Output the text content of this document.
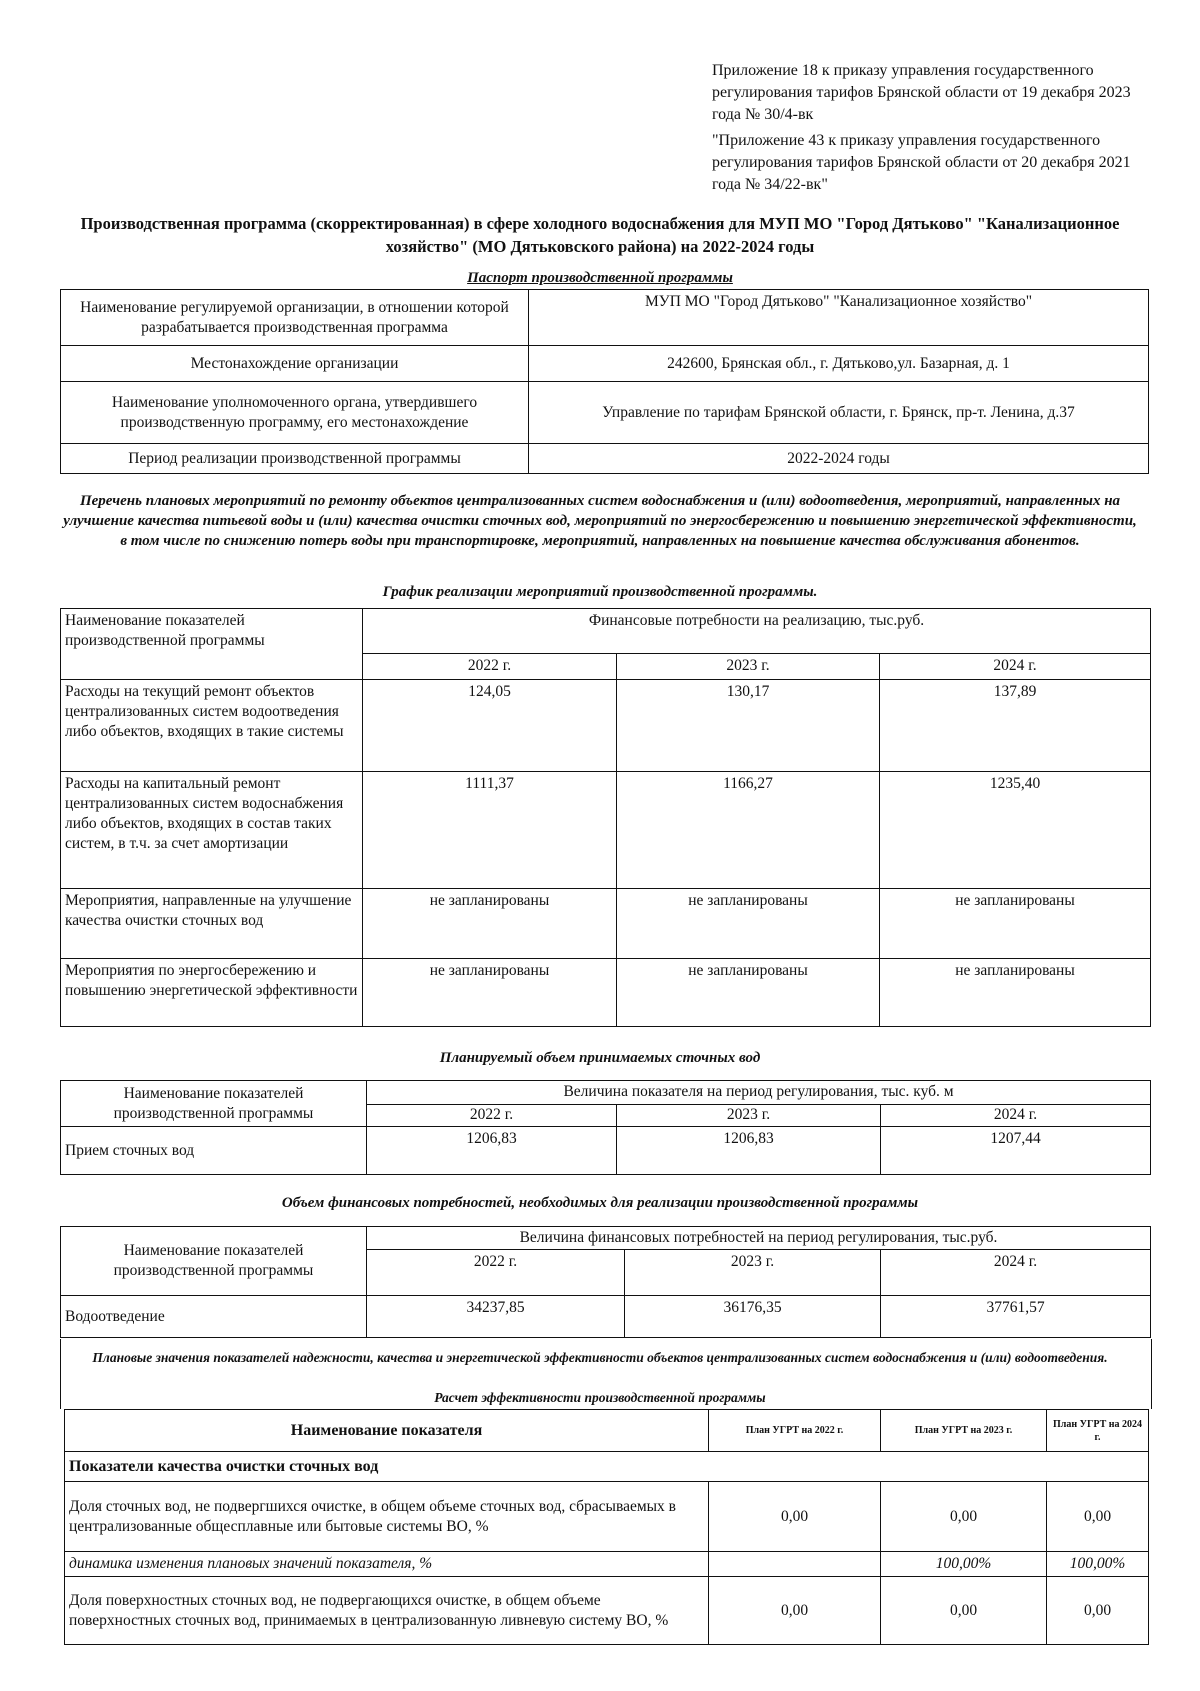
Приложение 18 к приказу управления государственного регулирования тарифов Брянской области от 19 декабря 2023 года № 30/4-вк

"Приложение 43 к приказу управления государственного регулирования тарифов Брянской области от 20 декабря 2021 года № 34/22-вк"

Производственная программа (скорректированная) в сфере холодного водоснабжения для МУП МО "Город Дятьково" "Канализационное хозяйство" (МО Дятьковского района) на 2022-2024 годы
Паспорт производственной программы
Наименование регулируемой организации, в отношении которой разрабатывается производственная программа	МУП МО "Город Дятьково" "Канализационное хозяйство"
Местонахождение организации	242600, Брянская обл., г. Дятьково,ул. Базарная, д. 1
Наименование уполномоченного органа, утвердившего производственную программу, его местонахождение	Управление по тарифам Брянской области, г. Брянск, пр-т. Ленина, д.37
Период реализации производственной программы	2022-2024 годы
Перечень плановых мероприятий по ремонту объектов централизованных систем водоснабжения и (или) водоотведения, мероприятий, направленных на улучшение качества питьевой воды и (или) качества очистки сточных вод, мероприятий по энергосбережению и повышению энергетической эффективности, в том числе по снижению потерь воды при транспортировке, мероприятий, направленных на повышение качества обслуживания абонентов.
График реализации мероприятий производственной программы.
Наименование показателей производственной программы	Финансовые потребности на реализацию, тыс.руб.		
	2022 г.	2023 г.	2024 г.
Расходы на текущий ремонт объектов централизованных систем водоотведения либо объектов, входящих в такие системы	124,05	130,17	137,89
Расходы на капитальный ремонт централизованных систем водоснабжения либо объектов, входящих в состав таких систем, в т.ч. за счет амортизации	1111,37	1166,27	1235,40
Мероприятия, направленные на улучшение качества очистки сточных вод	не запланированы	не запланированы	не запланированы
Мероприятия по энергосбережению и повышению энергетической эффективности	не запланированы	не запланированы	не запланированы
Планируемый объем принимаемых сточных вод
Наименование показателей производственной программы	Величина показателя на период регулирования, тыс. куб. м		
	2022 г.	2023 г.	2024 г.
Прием сточных вод	1206,83	1206,83	1207,44
Объем финансовых потребностей, необходимых для реализации производственной программы
Наименование показателей производственной программы	Величина финансовых потребностей на период регулирования, тыс.руб.		
	2022 г.	2023 г.	2024 г.
Водоотведение	34237,85	36176,35	37761,57
Плановые значения показателей надежности, качества и энергетической эффективности объектов централизованных систем водоснабжения и (или) водоотведения.
Расчет эффективности производственной программы
Наименование показателя	План УГРТ на 2022 г.	План УГРТ на 2023 г.	План УГРТ на 2024 г.
Показатели качества очистки сточных вод			
Доля сточных вод, не подвергшихся очистке, в общем объеме сточных вод, сбрасываемых в централизованные общесплавные или бытовые системы ВО, %	0,00	0,00	0,00
динамика изменения плановых значений показателя, %		100,00%	100,00%
Доля поверхностных сточных вод, не подвергающихся очистке, в общем объеме поверхностных сточных вод, принимаемых в централизованную ливневую систему ВО, %	0,00	0,00	0,00
